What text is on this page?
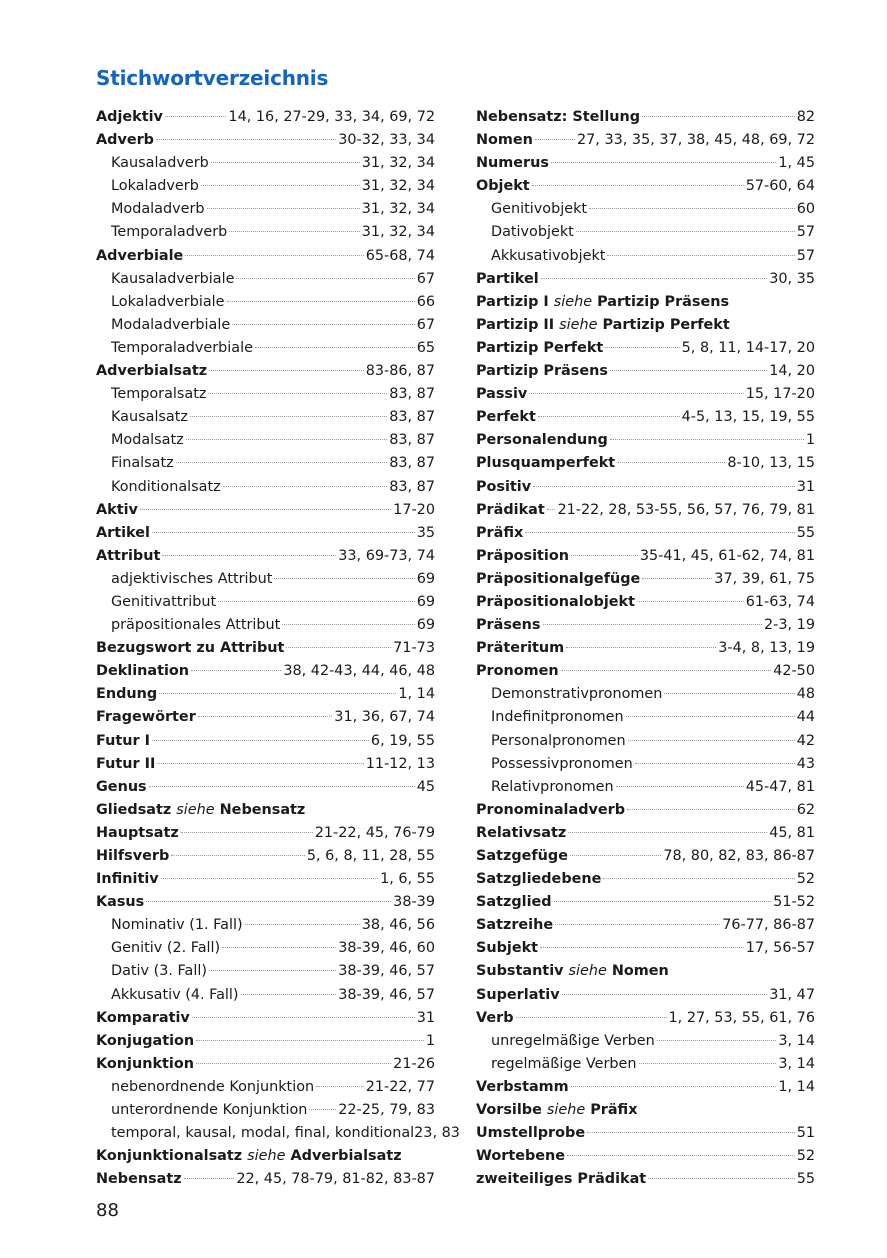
Stichwortverzeichnis
Adjektiv	14, 16, 27-29, 33, 34, 69, 72
Adverb	30-32, 33, 34
Kausaladverb	31, 32, 34
Lokaladverb	31, 32, 34
Modaladverb	31, 32, 34
Temporaladverb	31, 32, 34
Adverbiale	65-68, 74
Kausaladverbiale	67
Lokaladverbiale	66
Modaladverbiale	67
Temporaladverbiale	65
Adverbialsatz	83-86, 87
Temporalsatz	83, 87
Kausalsatz	83, 87
Modalsatz	83, 87
Finalsatz	83, 87
Konditionalsatz	83, 87
Aktiv	17-20
Artikel	35
Attribut	33, 69-73, 74
adjektivisches Attribut	69
Genitivattribut	69
präpositionales Attribut	69
Bezugswort zu Attribut	71-73
Deklination	38, 42-43, 44, 46, 48
Endung	1, 14
Fragewörter	31, 36, 67, 74
Futur I	6, 19, 55
Futur II	11-12, 13
Genus	45
Gliedsatz siehe Nebensatz
Hauptsatz	21-22, 45, 76-79
Hilfsverb	5, 6, 8, 11, 28, 55
Infinitiv	1, 6, 55
Kasus	38-39
Nominativ (1. Fall)	38, 46, 56
Genitiv (2. Fall)	38-39, 46, 60
Dativ (3. Fall)	38-39, 46, 57
Akkusativ (4. Fall)	38-39, 46, 57
Komparativ	31
Konjugation	1
Konjunktion	21-26
nebenordnende Konjunktion	21-22, 77
unterordnende Konjunktion 22-25, 79, 83
temporal, kausal, modal, final, konditional 23, 83
Konjunktionalsatz siehe Adverbialsatz
Nebensatz	22, 45, 78-79, 81-82, 83-87
Nebensatz: Stellung	82
Nomen	27, 33, 35, 37, 38, 45, 48, 69, 72
Numerus	1, 45
Objekt	57-60, 64
Genitivobjekt	60
Dativobjekt	57
Akkusativobjekt	57
Partikel	30, 35
Partizip I siehe Partizip Präsens
Partizip II siehe Partizip Perfekt
Partizip Perfekt	5, 8, 11, 14-17, 20
Partizip Präsens	14, 20
Passiv	15, 17-20
Perfekt	4-5, 13, 15, 19, 55
Personalendung	1
Plusquamperfekt	8-10, 13, 15
Positiv	31
Prädikat 21-22, 28, 53-55, 56, 57, 76, 79, 81
Präfix	55
Präposition	35-41, 45, 61-62, 74, 81
Präpositionalgefüge	37, 39, 61, 75
Präpositionalobjekt	61-63, 74
Präsens	2-3, 19
Präteritum	3-4, 8, 13, 19
Pronomen	42-50
Demonstrativpronomen	48
Indefinitpronomen	44
Personalpronomen	42
Possessivpronomen	43
Relativpronomen	45-47, 81
Pronominaladverb	62
Relativsatz	45, 81
Satzgefüge	78, 80, 82, 83, 86-87
Satzgliedebene	52
Satzglied	51-52
Satzreihe	76-77, 86-87
Subjekt	17, 56-57
Substantiv siehe Nomen
Superlativ	31, 47
Verb	1, 27, 53, 55, 61, 76
unregelmäßige Verben	3, 14
regelmäßige Verben	3, 14
Verbstamm	1, 14
Vorsilbe siehe Präfix
Umstellprobe	51
Wortebene	52
zweiteiliges Prädikat	55
88
